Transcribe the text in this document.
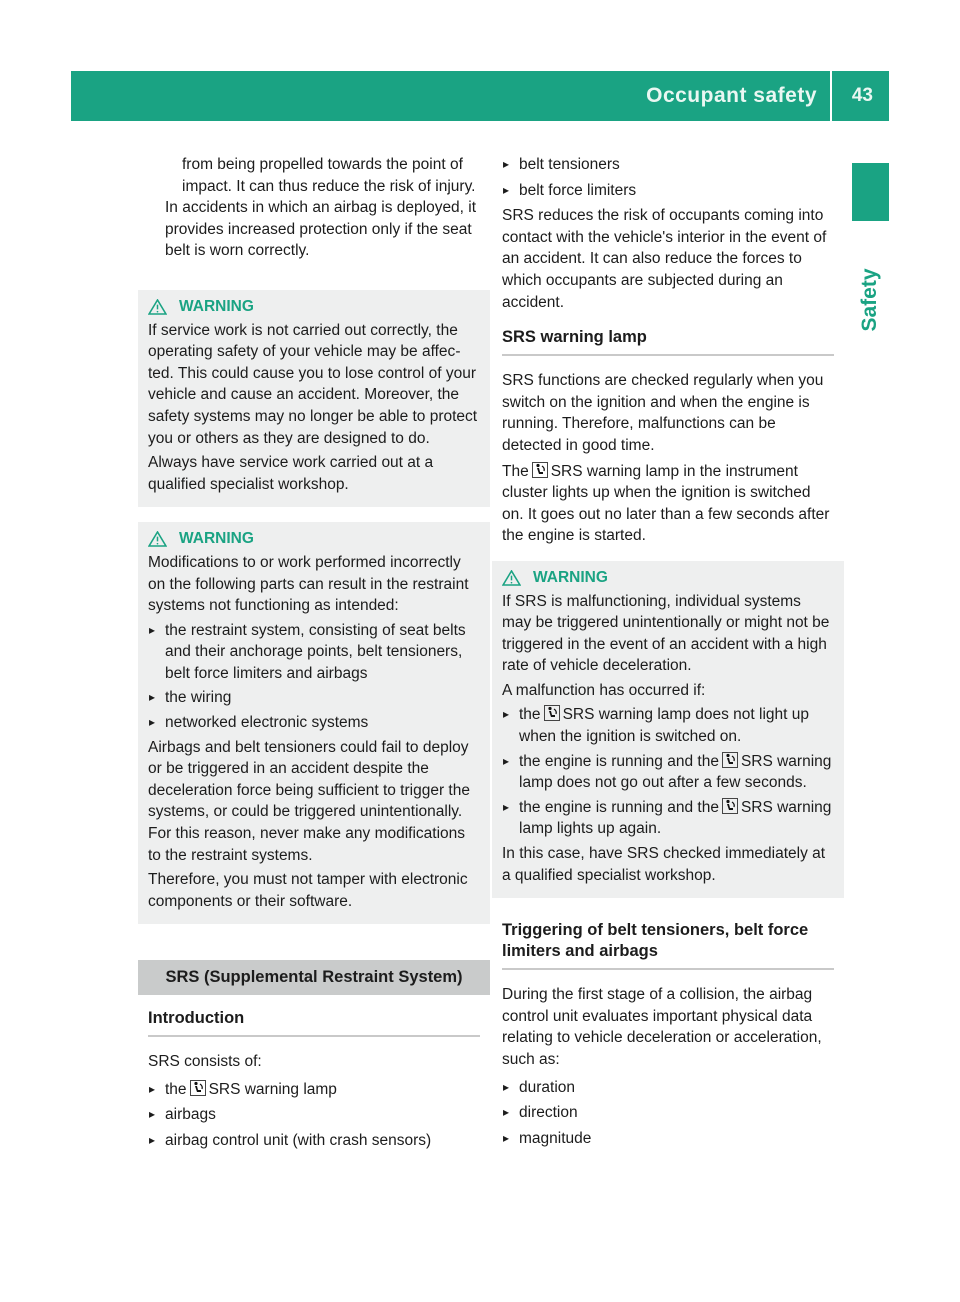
Occupant safety 43
Safety

from being propelled towards the point of impact. It can thus reduce the risk of injury.

In accidents in which an airbag is deployed, it provides increased protection only if the seat belt is worn correctly.

WARNING

If service work is not carried out correctly, the operating safety of your vehicle may be affected. This could cause you to lose control of your vehicle and cause an accident. Moreover, the safety systems may no longer be able to protect you or others as they are designed to do.

Always have service work carried out at a qualified specialist workshop.

WARNING

Modifications to or work performed incorrectly on the following parts can result in the restraint systems not functioning as intended:

▸ the restraint system, consisting of seat belts and their anchorage points, belt tensioners, belt force limiters and airbags
▸ the wiring
▸ networked electronic systems

Airbags and belt tensioners could fail to deploy or be triggered in an accident despite the deceleration force being sufficient to trigger the systems, or could be triggered unintentionally. For this reason, never make any modifications to the restraint systems.

Therefore, you must not tamper with electronic components or their software.

SRS (Supplemental Restraint System)
Introduction

SRS consists of:

▸ the SRS warning lamp
▸ airbags
▸ airbag control unit (with crash sensors)
▸ belt tensioners
▸ belt force limiters

SRS reduces the risk of occupants coming into contact with the vehicle's interior in the event of an accident. It can also reduce the forces to which occupants are subjected during an accident.

SRS warning lamp

SRS functions are checked regularly when you switch on the ignition and when the engine is running. Therefore, malfunctions can be detected in good time.

The SRS warning lamp in the instrument cluster lights up when the ignition is switched on. It goes out no later than a few seconds after the engine is started.

WARNING

If SRS is malfunctioning, individual systems may be triggered unintentionally or might not be triggered in the event of an accident with a high rate of vehicle deceleration.

A malfunction has occurred if:

▸ the SRS warning lamp does not light up when the ignition is switched on.
▸ the engine is running and the SRS warning lamp does not go out after a few seconds.
▸ the engine is running and the SRS warning lamp lights up again.

In this case, have SRS checked immediately at a qualified specialist workshop.

Triggering of belt tensioners, belt force limiters and airbags

During the first stage of a collision, the airbag control unit evaluates important physical data relating to vehicle deceleration or acceleration, such as:

▸ duration
▸ direction
▸ magnitude
